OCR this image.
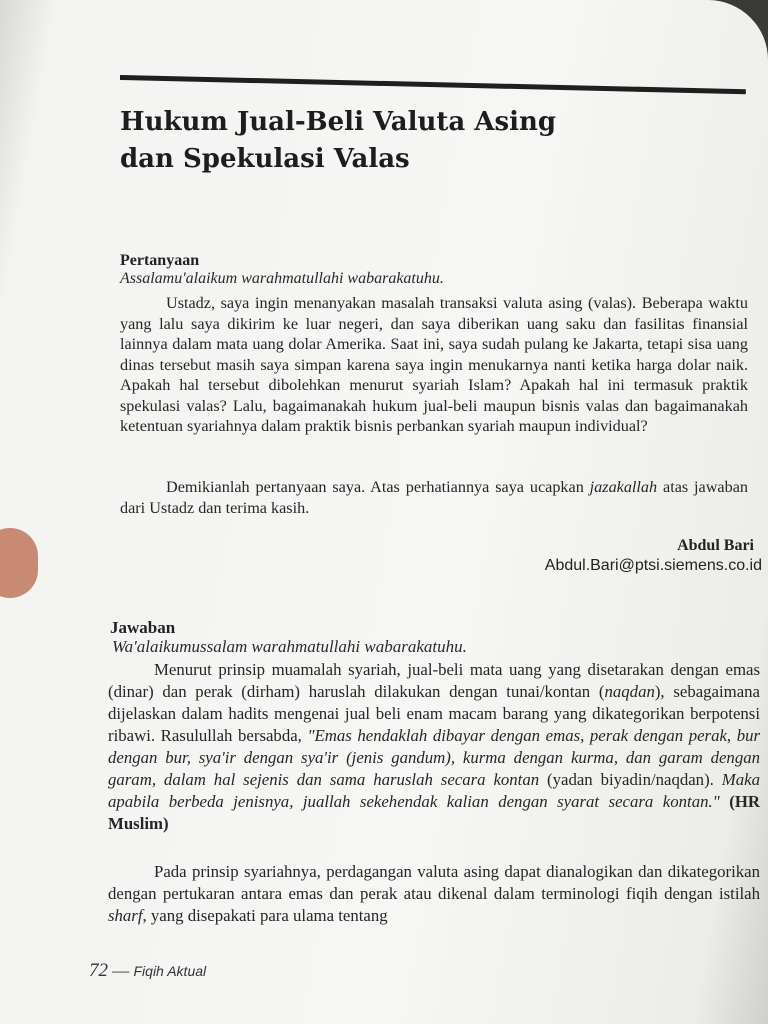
Hukum Jual-Beli Valuta Asing
dan Spekulasi Valas
Pertanyaan
Assalamu'alaikum warahmatullahi wabarakatuhu.

Ustadz, saya ingin menanyakan masalah transaksi valuta asing (valas). Beberapa waktu yang lalu saya dikirim ke luar negeri, dan saya diberikan uang saku dan fasilitas finansial lainnya dalam mata uang dolar Amerika. Saat ini, saya sudah pulang ke Jakarta, tetapi sisa uang dinas tersebut masih saya simpan karena saya ingin menukarnya nanti ketika harga dolar naik. Apakah hal tersebut dibolehkan menurut syariah Islam? Apakah hal ini termasuk praktik spekulasi valas? Lalu, bagaimanakah hukum jual-beli maupun bisnis valas dan bagaimanakah ketentuan syariahnya dalam praktik bisnis perbankan syariah maupun individual?

Demikianlah pertanyaan saya. Atas perhatiannya saya ucapkan jazakallah atas jawaban dari Ustadz dan terima kasih.

Abdul Bari
Abdul.Bari@ptsi.siemens.co.id
Jawaban
Wa'alaikumussalam warahmatullahi wabarakatuhu.

Menurut prinsip muamalah syariah, jual-beli mata uang yang disetarakan dengan emas (dinar) dan perak (dirham) haruslah dilakukan dengan tunai/kontan (naqdan), sebagaimana dijelaskan dalam hadits mengenai jual beli enam macam barang yang dikategorikan berpotensi ribawi. Rasulullah bersabda, "Emas hendaklah dibayar dengan emas, perak dengan perak, bur dengan bur, sya'ir dengan sya'ir (jenis gandum), kurma dengan kurma, dan garam dengan garam, dalam hal sejenis dan sama haruslah secara kontan (yadan biyadin/naqdan). Maka apabila berbeda jenisnya, juallah sekehendak kalian dengan syarat secara kontan." (HR Muslim)

Pada prinsip syariahnya, perdagangan valuta asing dapat dianalogikan dan dikategorikan dengan pertukaran antara emas dan perak atau dikenal dalam terminologi fiqih dengan istilah sharf, yang disepakati para ulama tentang

72 — Fiqih Aktual
